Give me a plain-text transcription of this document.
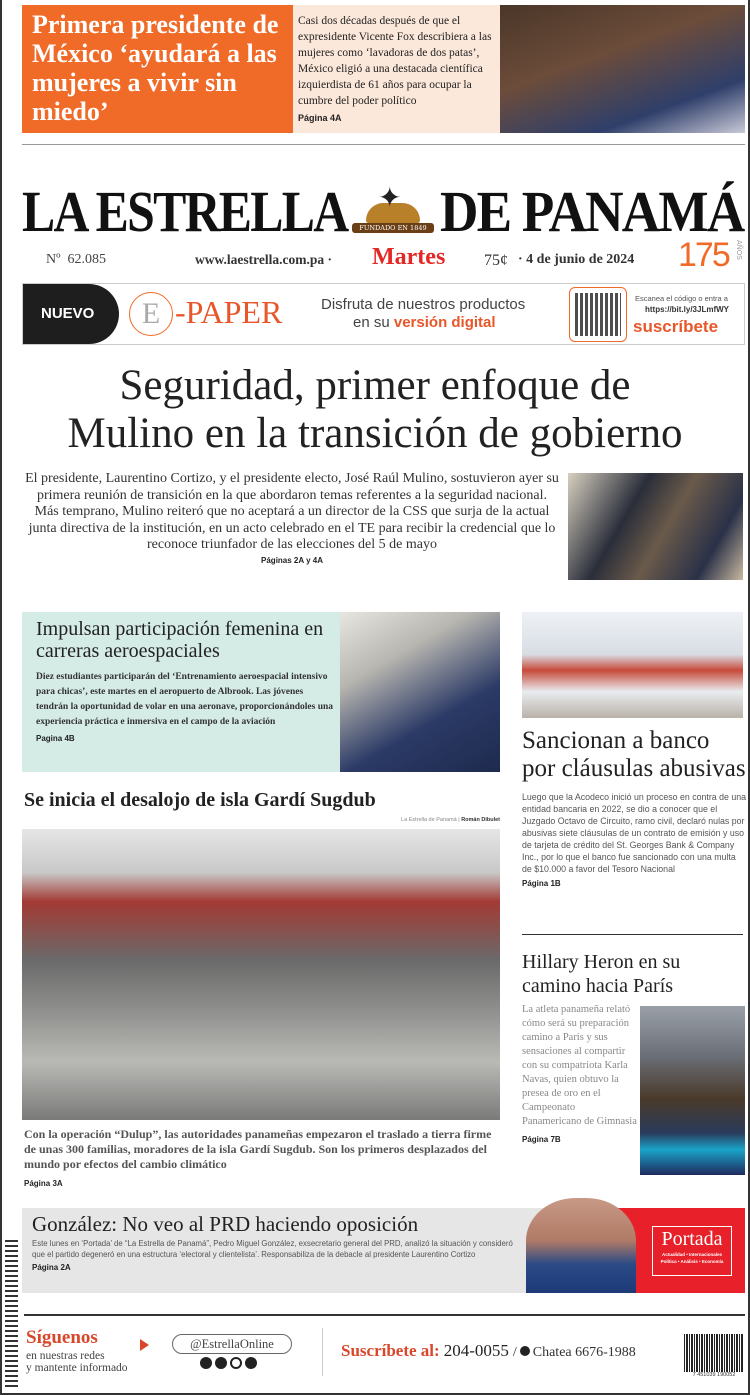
Primera presidente de México ‘ayudará a las mujeres a vivir sin miedo’
Casi dos décadas después de que el expresidente Vicente Fox describiera a las mujeres como ‘lavadoras de dos patas’, México eligió a una destacada científica izquierdista de 61 años para ocupar la cumbre del poder político
Página 4A
LA ESTRELLA ✦
FUNDADO EN 1849 DE PANAMÁ
Nº  62.085	www.laestrella.com.pa · Martes 75¢ · 4 de junio de 2024 175 AÑOS
NUEVO	E -PAPER	Disfruta de nuestros productos
en su versión digital
Escanea el código o entra a
https://bit.ly/3JLmfWY
suscríbete
Seguridad, primer enfoque de
Mulino en la transición de gobierno
El presidente, Laurentino Cortizo, y el presidente electo, José Raúl Mulino, sostuvieron ayer su primera reunión de transición en la que abordaron temas referentes a la seguridad nacional. Más temprano, Mulino reiteró que no aceptará a un director de la CSS que surja de la actual junta directiva de la institución, en un acto celebrado en el TE para recibir la credencial que lo reconoce triunfador de las elecciones del 5 de mayo
Páginas 2A y 4A
Impulsan participación femenina en carreras aeroespaciales
Diez estudiantes participarán del ‘Entrenamiento aeroespacial intensivo para chicas’, este martes en el aeropuerto de Albrook. Las jóvenes tendrán la oportunidad de volar en una aeronave, proporcionándoles una experiencia práctica e inmersiva en el campo de la aviación
Pagina 4B	Sancionan a banco por cláusulas abusivas
Luego que la Acodeco inició un proceso en contra de una entidad bancaria en 2022, se dio a conocer que el Juzgado Octavo de Circuito, ramo civil, declaró nulas por abusivas siete cláusulas de un contrato de emisión y uso de tarjeta de crédito del St. Georges Bank & Company Inc., por lo que el banco fue sancionado con una multa de $10.000 a favor del Tesoro Nacional
Página 1B
Se inicia el desalojo de isla Gardí Sugdub
La Estrella de Panamá | Román Dibulet
Con la operación “Dulup”, las autoridades panameñas empezaron el traslado a tierra firme de unas 300 familias, moradores de la isla Gardí Sugdub. Son los primeros desplazados del mundo por efectos del cambio climático
Página 3A
Hillary Heron en su camino hacia París
La atleta panameña relató cómo será su preparación camino a París y sus sensaciones al compartir con su compatriota Karla Navas, quien obtuvo la presea de oro en el Campeonato Panamericano de Gimnasia
Página 7B
González: No veo al PRD haciendo oposición
Este lunes en ‘Portada’ de “La Estrella de Panamá”, Pedro Miguel González, exsecretario general del PRD, analizó la situación y consideró que el partido degeneró en una estructura ‘electoral y clientelista’. Responsabiliza de la debacle al presidente Laurentino Cortizo
Página 2A
Portada
Actualidad • Internacionales Política • Análisis • Economía
Síguenos
en nuestras redes
y mantente informado
@EstrellaOnline	Suscríbete al: 204-0055 / Chatea 6676-1988
7 451039 190052
